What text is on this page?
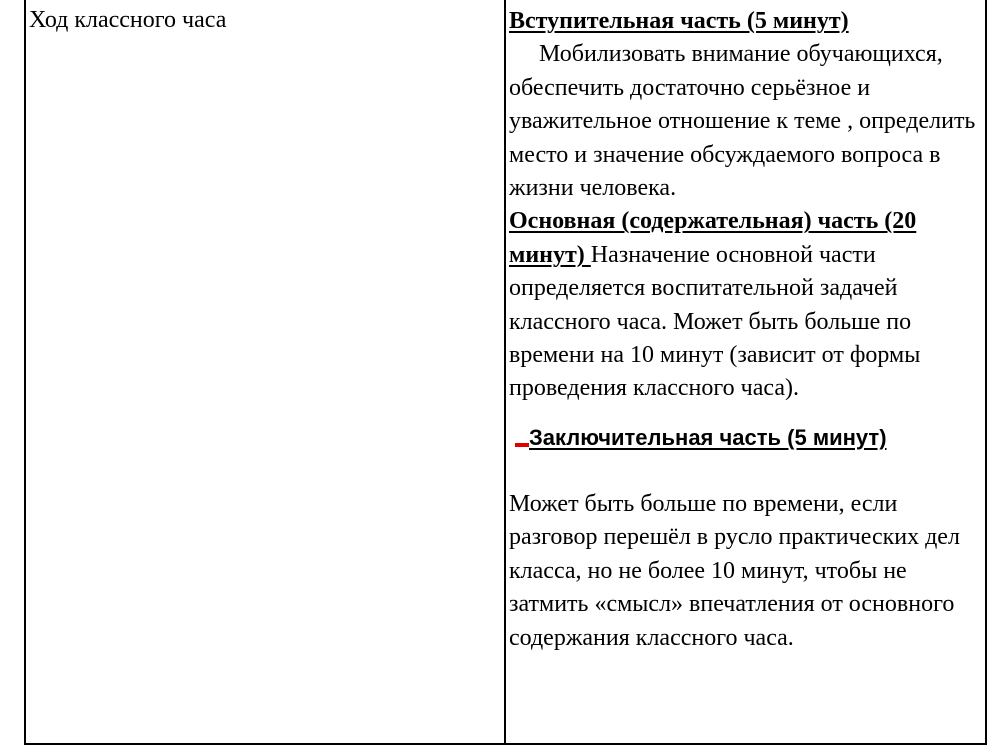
Ход классного часа	Вступительная часть (5 минут)
Мобилизовать внимание обучающихся, обеспечить достаточно серьёзное и уважительное отношение к теме , определить место и значение обсуждаемого вопроса в жизни человека.
Основная (содержательная) часть (20 минут) Назначение основной части определяется воспитательной задачей классного часа. Может быть больше по времени на 10 минут (зависит от формы проведения классного часа).
Заключительная часть (5 минут)
Может быть больше по времени, если разговор перешёл в русло практических дел класса, но не более 10 минут, чтобы не затмить «смысл» впечатления от основного содержания классного часа.
